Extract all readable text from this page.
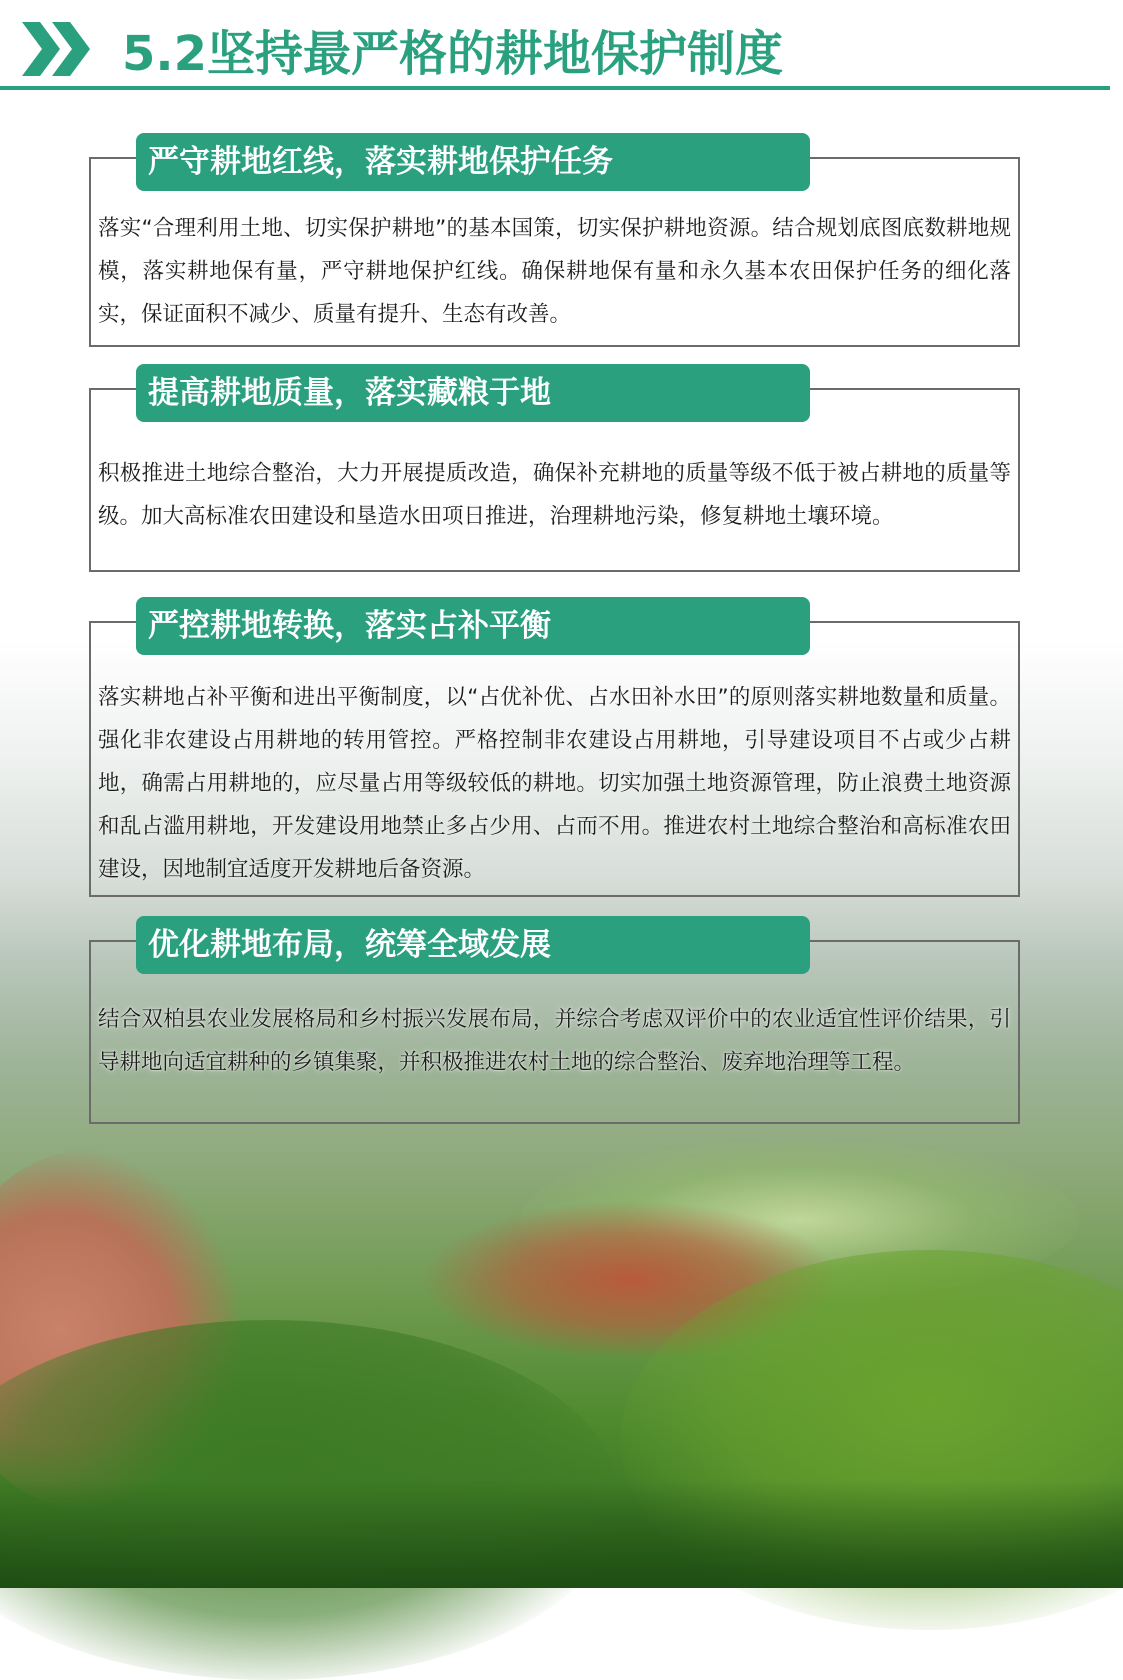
5.2坚持最严格的耕地保护制度
严守耕地红线，落实耕地保护任务

落实“合理利用土地、切实保护耕地”的基本国策，切实保护耕地资源。结合规划底图底数耕地规模，落实耕地保有量，严守耕地保护红线。确保耕地保有量和永久基本农田保护任务的细化落实，保证面积不减少、质量有提升、生态有改善。

提高耕地质量，落实藏粮于地

积极推进土地综合整治，大力开展提质改造，确保补充耕地的质量等级不低于被占耕地的质量等级。加大高标准农田建设和垦造水田项日推进，治理耕地污染，修复耕地土壤环境。

严控耕地转换，落实占补平衡

落实耕地占补平衡和进出平衡制度，以“占优补优、占水田补水田”的原则落实耕地数量和质量。强化非农建设占用耕地的转用管控。严格控制非农建设占用耕地，引导建设项目不占或少占耕地，确需占用耕地的，应尽量占用等级较低的耕地。切实加强土地资源管理，防止浪费土地资源和乱占滥用耕地，开发建设用地禁止多占少用、占而不用。推进农村土地综合整治和高标准农田建设，因地制宜适度开发耕地后备资源。

优化耕地布局，统筹全域发展

结合双柏县农业发展格局和乡村振兴发展布局，并综合考虑双评价中的农业适宜性评价结果，引导耕地向适宜耕种的乡镇集聚，并积极推进农村土地的综合整治、废弃地治理等工程。
